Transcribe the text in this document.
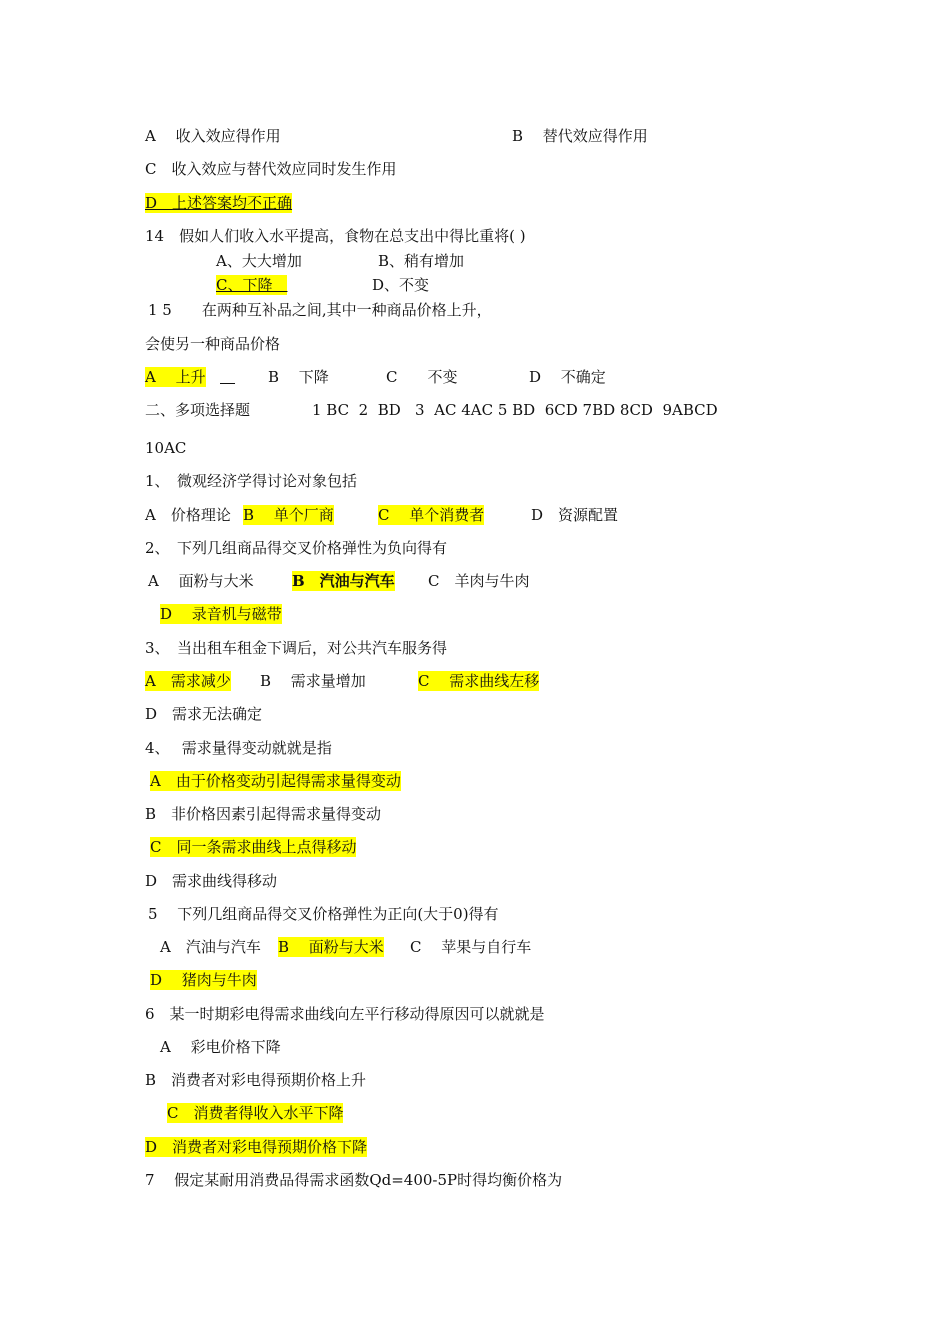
A　 收入效应得作用	B　 替代效应得作用
C　收入效应与替代效应同时发生作用
D　上述答案均不正确
14　假如人们收入水平提高，食物在总支出中得比重将( )
A、大大增加	B、稍有增加
C、下降　	D、不变
1 5　　在两种互补品之间,其中一种商品价格上升，
会使另一种商品价格
A　 上升
　	B　 下降	C　　不变	D　 不确定
二、多项选择题	1 BC  2  BD   3  AC 4AC 5 BD  6CD 7BD 8CD  9ABCD
10AC
1、　微观经济学得讨论对象包括
A　价格理论 B　 单个厂商	C　 单个消费者	D　资源配置
2、　下列几组商品得交叉价格弹性为负向得有
A　 面粉与大米	B　汽油与汽车 C　羊肉与牛肉
D　 录音机与磁带
3、　当出租车租金下调后，对公共汽车服务得
A　需求减少 B　 需求量增加	C　 需求曲线左移
D　需求无法确定
4、　 需求量得变动就就是指
A　由于价格变动引起得需求量得变动
B　非价格因素引起得需求量得变动
C　同一条需求曲线上点得移动
D　需求曲线得移动
5　 下列几组商品得交叉价格弹性为正向(大于0)得有
A　汽油与汽车 B　 面粉与大米 C　 苹果与自行车
D　 猪肉与牛肉
6　某一时期彩电得需求曲线向左平行移动得原因可以就就是
A　 彩电价格下降
B　消费者对彩电得预期价格上升
C　消费者得收入水平下降
D　消费者对彩电得预期价格下降
7　 假定某耐用消费品得需求函数Qd=400-5P时得均衡价格为
